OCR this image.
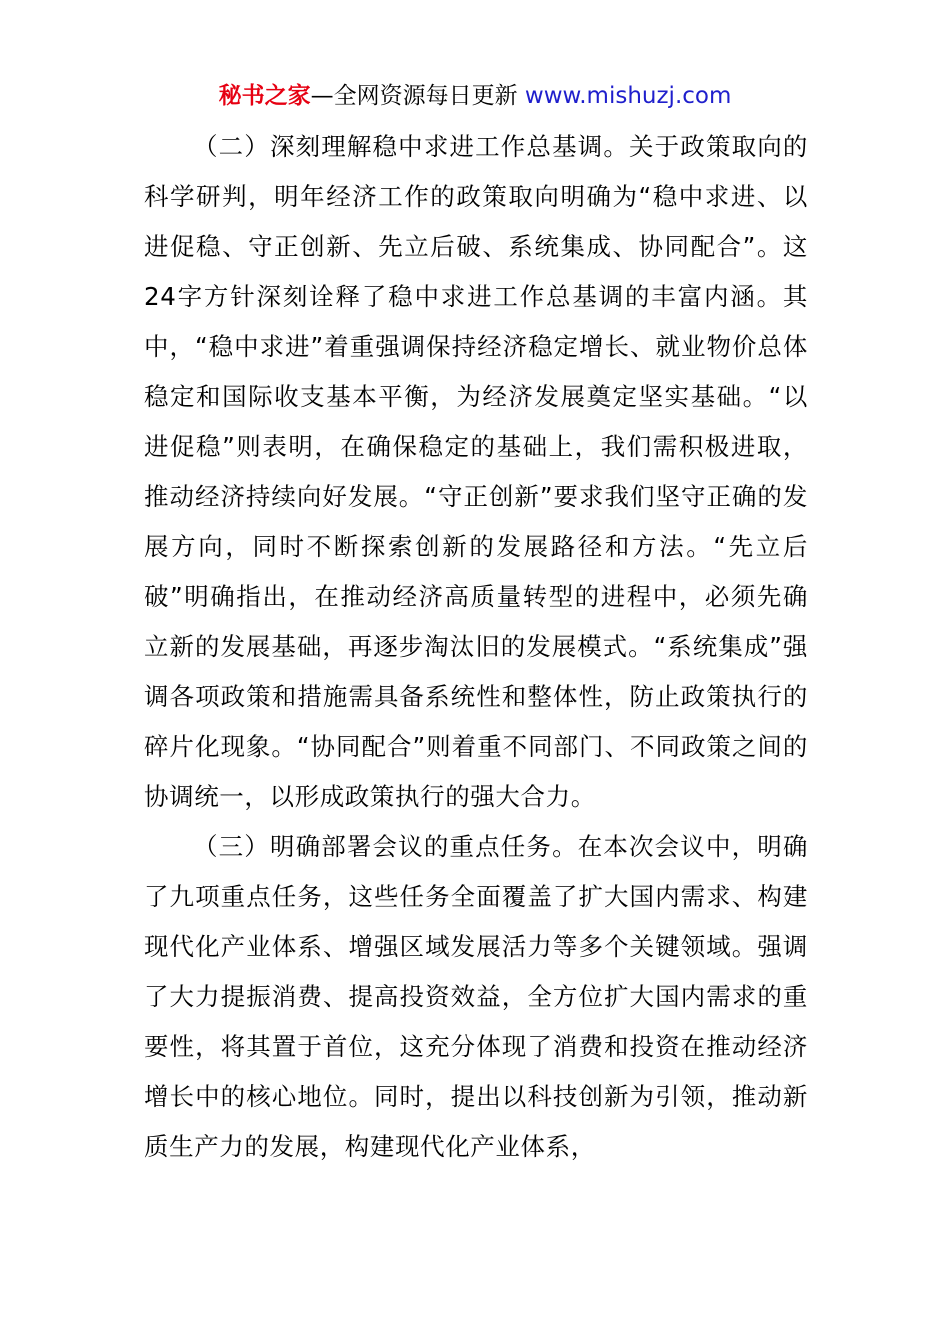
秘书之家—全网资源每日更新 www.mishuzj.com

（二）深刻理解稳中求进工作总基调。关于政策取向的科学研判，明年经济工作的政策取向明确为“稳中求进、以进促稳、守正创新、先立后破、系统集成、协同配合”。这24字方针深刻诠释了稳中求进工作总基调的丰富内涵。其中，“稳中求进”着重强调保持经济稳定增长、就业物价总体稳定和国际收支基本平衡，为经济发展奠定坚实基础。“以进促稳”则表明，在确保稳定的基础上，我们需积极进取，推动经济持续向好发展。“守正创新”要求我们坚守正确的发展方向，同时不断探索创新的发展路径和方法。“先立后破”明确指出，在推动经济高质量转型的进程中，必须先确立新的发展基础，再逐步淘汰旧的发展模式。“系统集成”强调各项政策和措施需具备系统性和整体性，防止政策执行的碎片化现象。“协同配合”则着重不同部门、不同政策之间的协调统一，以形成政策执行的强大合力。

（三）明确部署会议的重点任务。在本次会议中，明确了九项重点任务，这些任务全面覆盖了扩大国内需求、构建现代化产业体系、增强区域发展活力等多个关键领域。强调了大力提振消费、提高投资效益，全方位扩大国内需求的重要性，将其置于首位，这充分体现了消费和投资在推动经济增长中的核心地位。同时，提出以科技创新为引领，推动新质生产力的发展，构建现代化产业体系，
